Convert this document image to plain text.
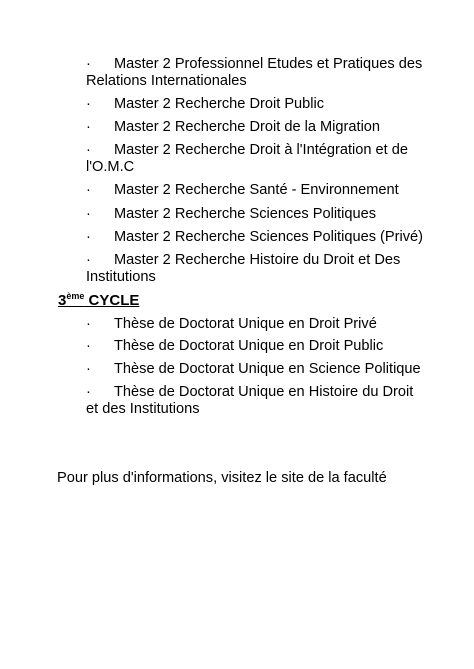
·	Master 2 Professionnel Etudes et Pratiques des Relations Internationales
·	Master 2 Recherche Droit Public
·	Master 2 Recherche Droit de la Migration
·	Master 2 Recherche Droit à l'Intégration et de l'O.M.C
·	Master 2 Recherche Santé - Environnement
·	Master 2 Recherche Sciences Politiques
·	Master 2 Recherche Sciences Politiques (Privé)
·	Master 2 Recherche Histoire du Droit et Des Institutions
3ème CYCLE
·	Thèse de Doctorat Unique en Droit Privé
·	Thèse de Doctorat Unique en Droit Public
·	Thèse de Doctorat Unique en Science Politique
·	Thèse de Doctorat Unique en Histoire du Droit et des Institutions
Pour plus d'informations, visitez le site de la faculté
